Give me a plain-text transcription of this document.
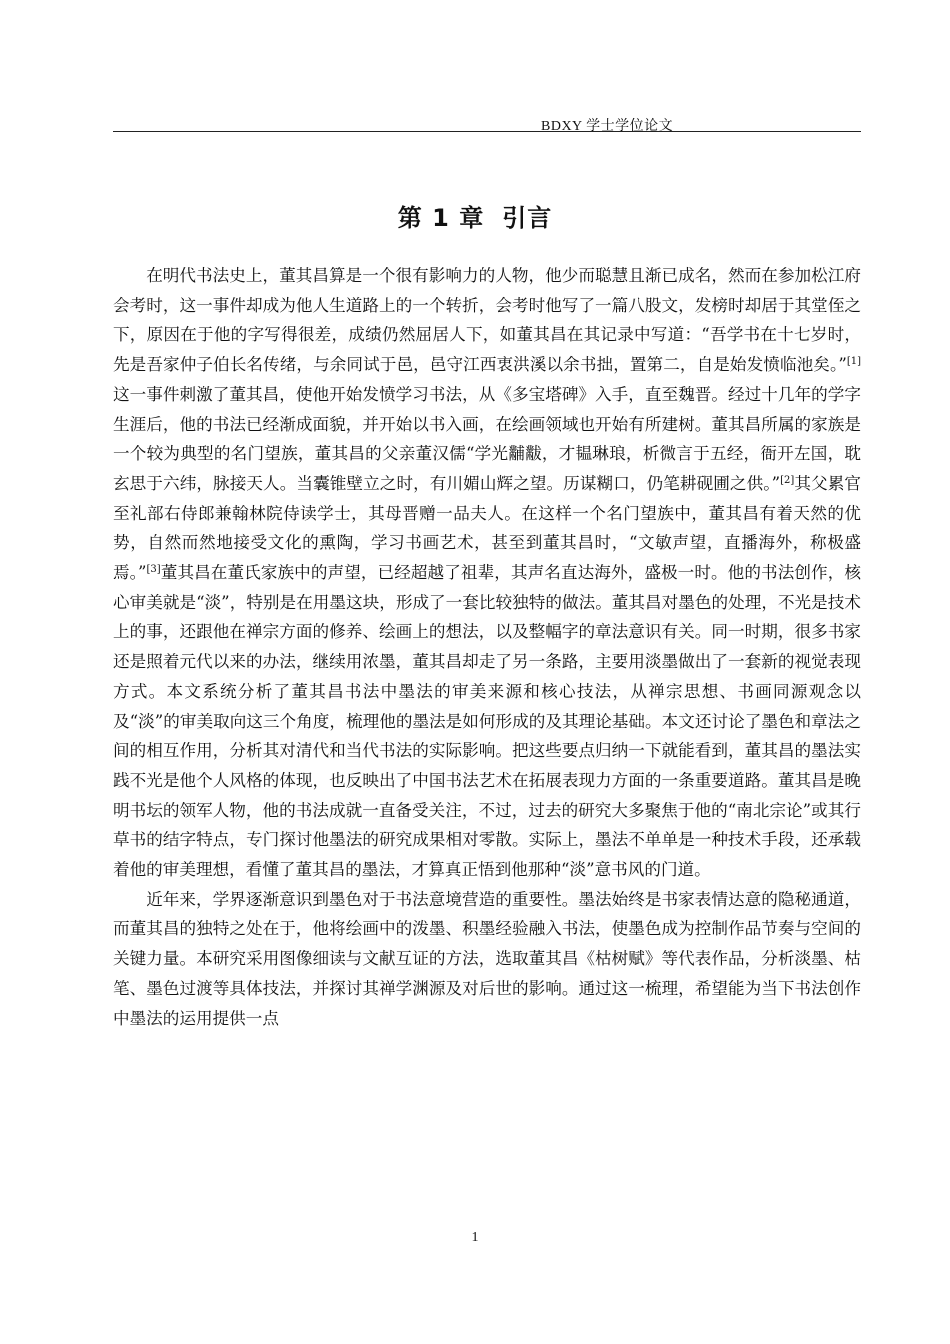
BDXY 学士学位论文
第 1 章 引言

在明代书法史上，董其昌算是一个很有影响力的人物，他少而聪慧且渐已成名，然而在参加松江府会考时，这一事件却成为他人生道路上的一个转折，会考时他写了一篇八股文，发榜时却居于其堂侄之下，原因在于他的字写得很差，成绩仍然屈居人下，如董其昌在其记录中写道：“吾学书在十七岁时，先是吾家仲子伯长名传绪，与余同试于邑，邑守江西衷洪溪以余书拙，置第二，自是始发愤临池矣。”[1]这一事件刺激了董其昌，使他开始发愤学习书法，从《多宝塔碑》入手，直至魏晋。经过十几年的学字生涯后，他的书法已经渐成面貌，并开始以书入画，在绘画领域也开始有所建树。董其昌所属的家族是一个较为典型的名门望族，董其昌的父亲董汉儒“学光黼黻，才韫琳琅，析微言于五经，衙开左国，耽玄思于六纬，脉接天人。当囊锥壁立之时，有川媚山辉之望。历谋糊口，仍笔耕砚圃之供。”[2]其父累官至礼部右侍郎兼翰林院侍读学士，其母晋赠一品夫人。在这样一个名门望族中，董其昌有着天然的优势，自然而然地接受文化的熏陶，学习书画艺术，甚至到董其昌时，“文敏声望，直播海外，称极盛焉。”[3]董其昌在董氏家族中的声望，已经超越了祖辈，其声名直达海外，盛极一时。他的书法创作，核心审美就是“淡”，特别是在用墨这块，形成了一套比较独特的做法。董其昌对墨色的处理，不光是技术上的事，还跟他在禅宗方面的修养、绘画上的想法，以及整幅字的章法意识有关。同一时期，很多书家还是照着元代以来的办法，继续用浓墨，董其昌却走了另一条路，主要用淡墨做出了一套新的视觉表现方式。本文系统分析了董其昌书法中墨法的审美来源和核心技法，从禅宗思想、书画同源观念以及“淡”的审美取向这三个角度，梳理他的墨法是如何形成的及其理论基础。本文还讨论了墨色和章法之间的相互作用，分析其对清代和当代书法的实际影响。把这些要点归纳一下就能看到，董其昌的墨法实践不光是他个人风格的体现，也反映出了中国书法艺术在拓展表现力方面的一条重要道路。董其昌是晚明书坛的领军人物，他的书法成就一直备受关注，不过，过去的研究大多聚焦于他的“南北宗论”或其行草书的结字特点，专门探讨他墨法的研究成果相对零散。实际上，墨法不单单是一种技术手段，还承载着他的审美理想，看懂了董其昌的墨法，才算真正悟到他那种“淡”意书风的门道。

近年来，学界逐渐意识到墨色对于书法意境营造的重要性。墨法始终是书家表情达意的隐秘通道，而董其昌的独特之处在于，他将绘画中的泼墨、积墨经验融入书法，使墨色成为控制作品节奏与空间的关键力量。本研究采用图像细读与文献互证的方法，选取董其昌《枯树赋》等代表作品，分析淡墨、枯笔、墨色过渡等具体技法，并探讨其禅学渊源及对后世的影响。通过这一梳理，希望能为当下书法创作中墨法的运用提供一点

1
